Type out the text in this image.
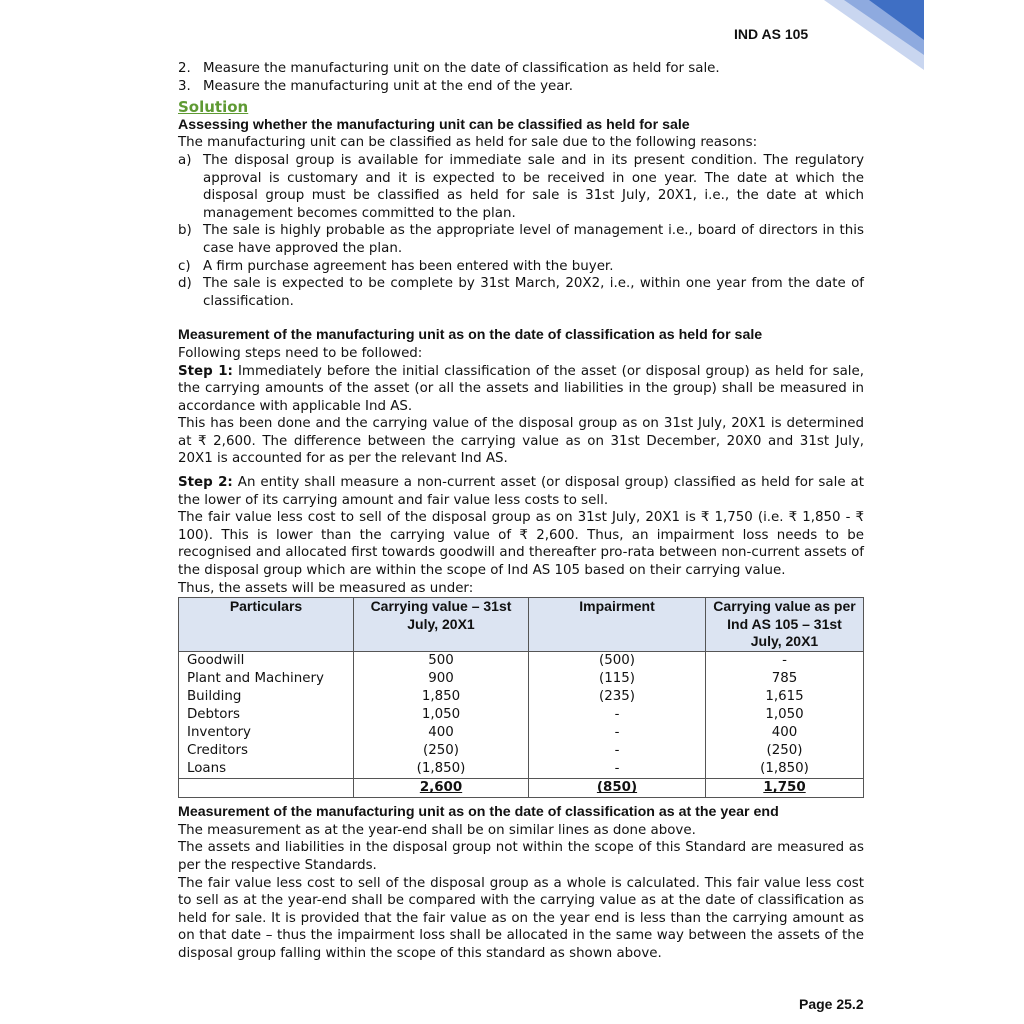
IND AS 105
2. Measure the manufacturing unit on the date of classification as held for sale.
3. Measure the manufacturing unit at the end of the year.
Solution

Assessing whether the manufacturing unit can be classified as held for sale

The manufacturing unit can be classified as held for sale due to the following reasons:

a) The disposal group is available for immediate sale and in its present condition. The regulatory approval is customary and it is expected to be received in one year. The date at which the disposal group must be classified as held for sale is 31st July, 20X1, i.e., the date at which management becomes committed to the plan.
b) The sale is highly probable as the appropriate level of management i.e., board of directors in this case have approved the plan.
c) A firm purchase agreement has been entered with the buyer.
d) The sale is expected to be complete by 31st March, 20X2, i.e., within one year from the date of classification.

Measurement of the manufacturing unit as on the date of classification as held for sale

Following steps need to be followed:

Step 1: Immediately before the initial classification of the asset (or disposal group) as held for sale, the carrying amounts of the asset (or all the assets and liabilities in the group) shall be measured in accordance with applicable Ind AS.

This has been done and the carrying value of the disposal group as on 31st July, 20X1 is determined at ₹ 2,600. The difference between the carrying value as on 31st December, 20X0 and 31st July, 20X1 is accounted for as per the relevant Ind AS.

Step 2: An entity shall measure a non-current asset (or disposal group) classified as held for sale at the lower of its carrying amount and fair value less costs to sell.

The fair value less cost to sell of the disposal group as on 31st July, 20X1 is ₹ 1,750 (i.e. ₹ 1,850 - ₹ 100). This is lower than the carrying value of ₹ 2,600. Thus, an impairment loss needs to be recognised and allocated first towards goodwill and thereafter pro-rata between non-current assets of the disposal group which are within the scope of Ind AS 105 based on their carrying value.

Thus, the assets will be measured as under:

Particulars	Carrying value – 31st July, 20X1	Impairment	Carrying value as per Ind AS 105 – 31st July, 20X1
Goodwill	500	(500)	-
Plant and Machinery	900	(115)	785
Building	1,850	(235)	1,615
Debtors	1,050	-	1,050
Inventory	400	-	400
Creditors	(250)	-	(250)
Loans	(1,850)	-	(1,850)
	2,600	(850)	1,750

Measurement of the manufacturing unit as on the date of classification as at the year end

The measurement as at the year-end shall be on similar lines as done above.

The assets and liabilities in the disposal group not within the scope of this Standard are measured as per the respective Standards.

The fair value less cost to sell of the disposal group as a whole is calculated. This fair value less cost to sell as at the year-end shall be compared with the carrying value as at the date of classification as held for sale. It is provided that the fair value as on the year end is less than the carrying amount as on that date – thus the impairment loss shall be allocated in the same way between the assets of the disposal group falling within the scope of this standard as shown above.

Page 25.2
